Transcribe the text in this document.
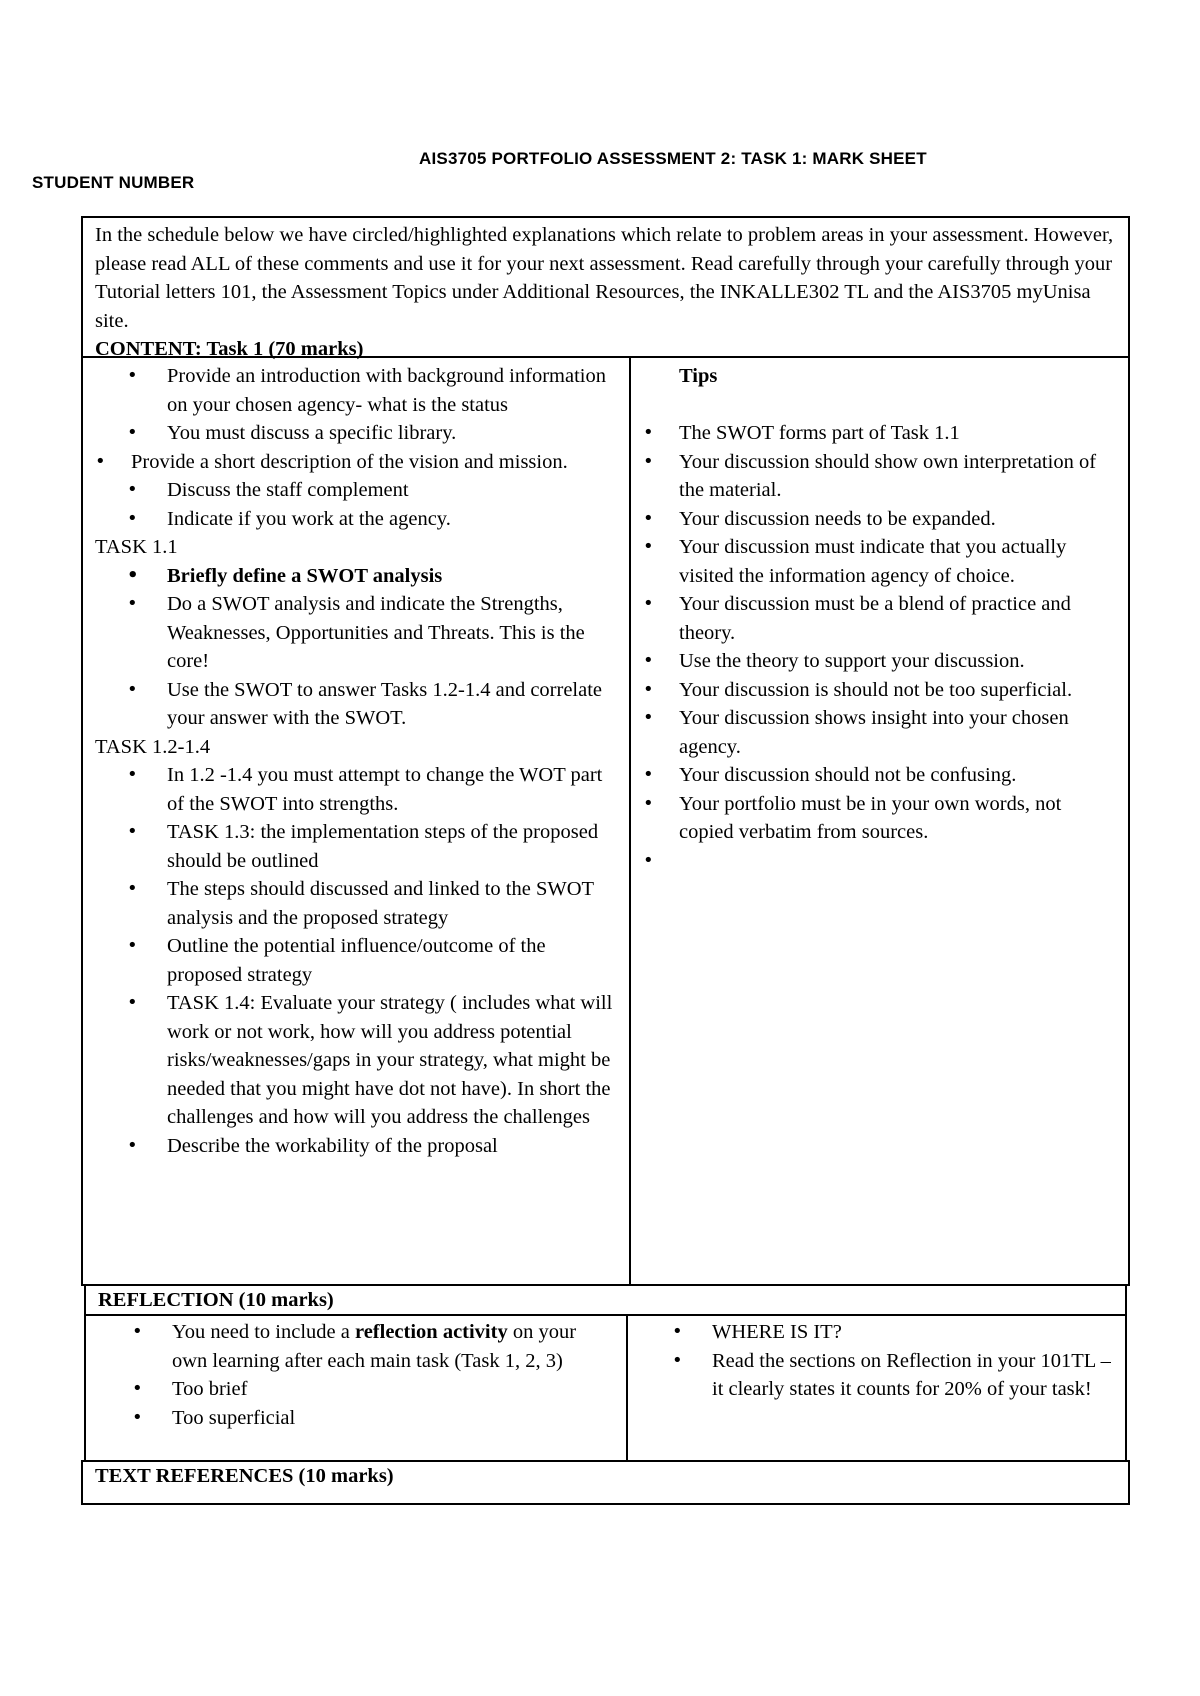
AIS3705 PORTFOLIO ASSESSMENT 2: TASK 1: MARK SHEET
STUDENT NUMBER

In the schedule below we have circled/highlighted explanations which relate to problem areas in your assessment. However, please read ALL of these comments and use it for your next assessment. Read carefully through your carefully through your Tutorial letters 101, the Assessment Topics under Additional Resources, the INKALLE302 TL and the AIS3705 myUnisa site.

CONTENT: Task 1 (70 marks)

• Provide an introduction with background information on your chosen agency- what is the status
• You must discuss a specific library.
• Provide a short description of the vision and mission.
• Discuss the staff complement
• Indicate if you work at the agency.

TASK 1.1

• Briefly define a SWOT analysis
• Do a SWOT analysis and indicate the Strengths, Weaknesses, Opportunities and Threats. This is the core!
• Use the SWOT to answer Tasks 1.2-1.4 and correlate your answer with the SWOT.

TASK 1.2-1.4

• In 1.2 -1.4 you must attempt to change the WOT part of the SWOT into strengths.
• TASK 1.3: the implementation steps of the proposed should be outlined
• The steps should discussed and linked to the SWOT analysis and the proposed strategy
• Outline the potential influence/outcome of the proposed strategy
• TASK 1.4: Evaluate your strategy ( includes what will work or not work, how will you address potential risks/weaknesses/gaps in your strategy, what might be needed that you might have dot not have). In short the challenges and how will you address the challenges
• Describe the workability of the proposal
Tips
• The SWOT forms part of Task 1.1
• Your discussion should show own interpretation of the material.
• Your discussion needs to be expanded.
• Your discussion must indicate that you actually visited the information agency of choice.
• Your discussion must be a blend of practice and theory.
• Use the theory to support your discussion.
• Your discussion is should not be too superficial.
• Your discussion shows insight into your chosen agency.
• Your discussion should not be confusing.
• Your portfolio must be in your own words, not copied verbatim from sources.
•
REFLECTION (10 marks)
• You need to include a reflection activity on your own learning after each main task (Task 1, 2, 3)
• Too brief
• Too superficial
• WHERE IS IT?
• Read the sections on Reflection in your 101TL – it clearly states it counts for 20% of your task!
TEXT REFERENCES (10 marks)
